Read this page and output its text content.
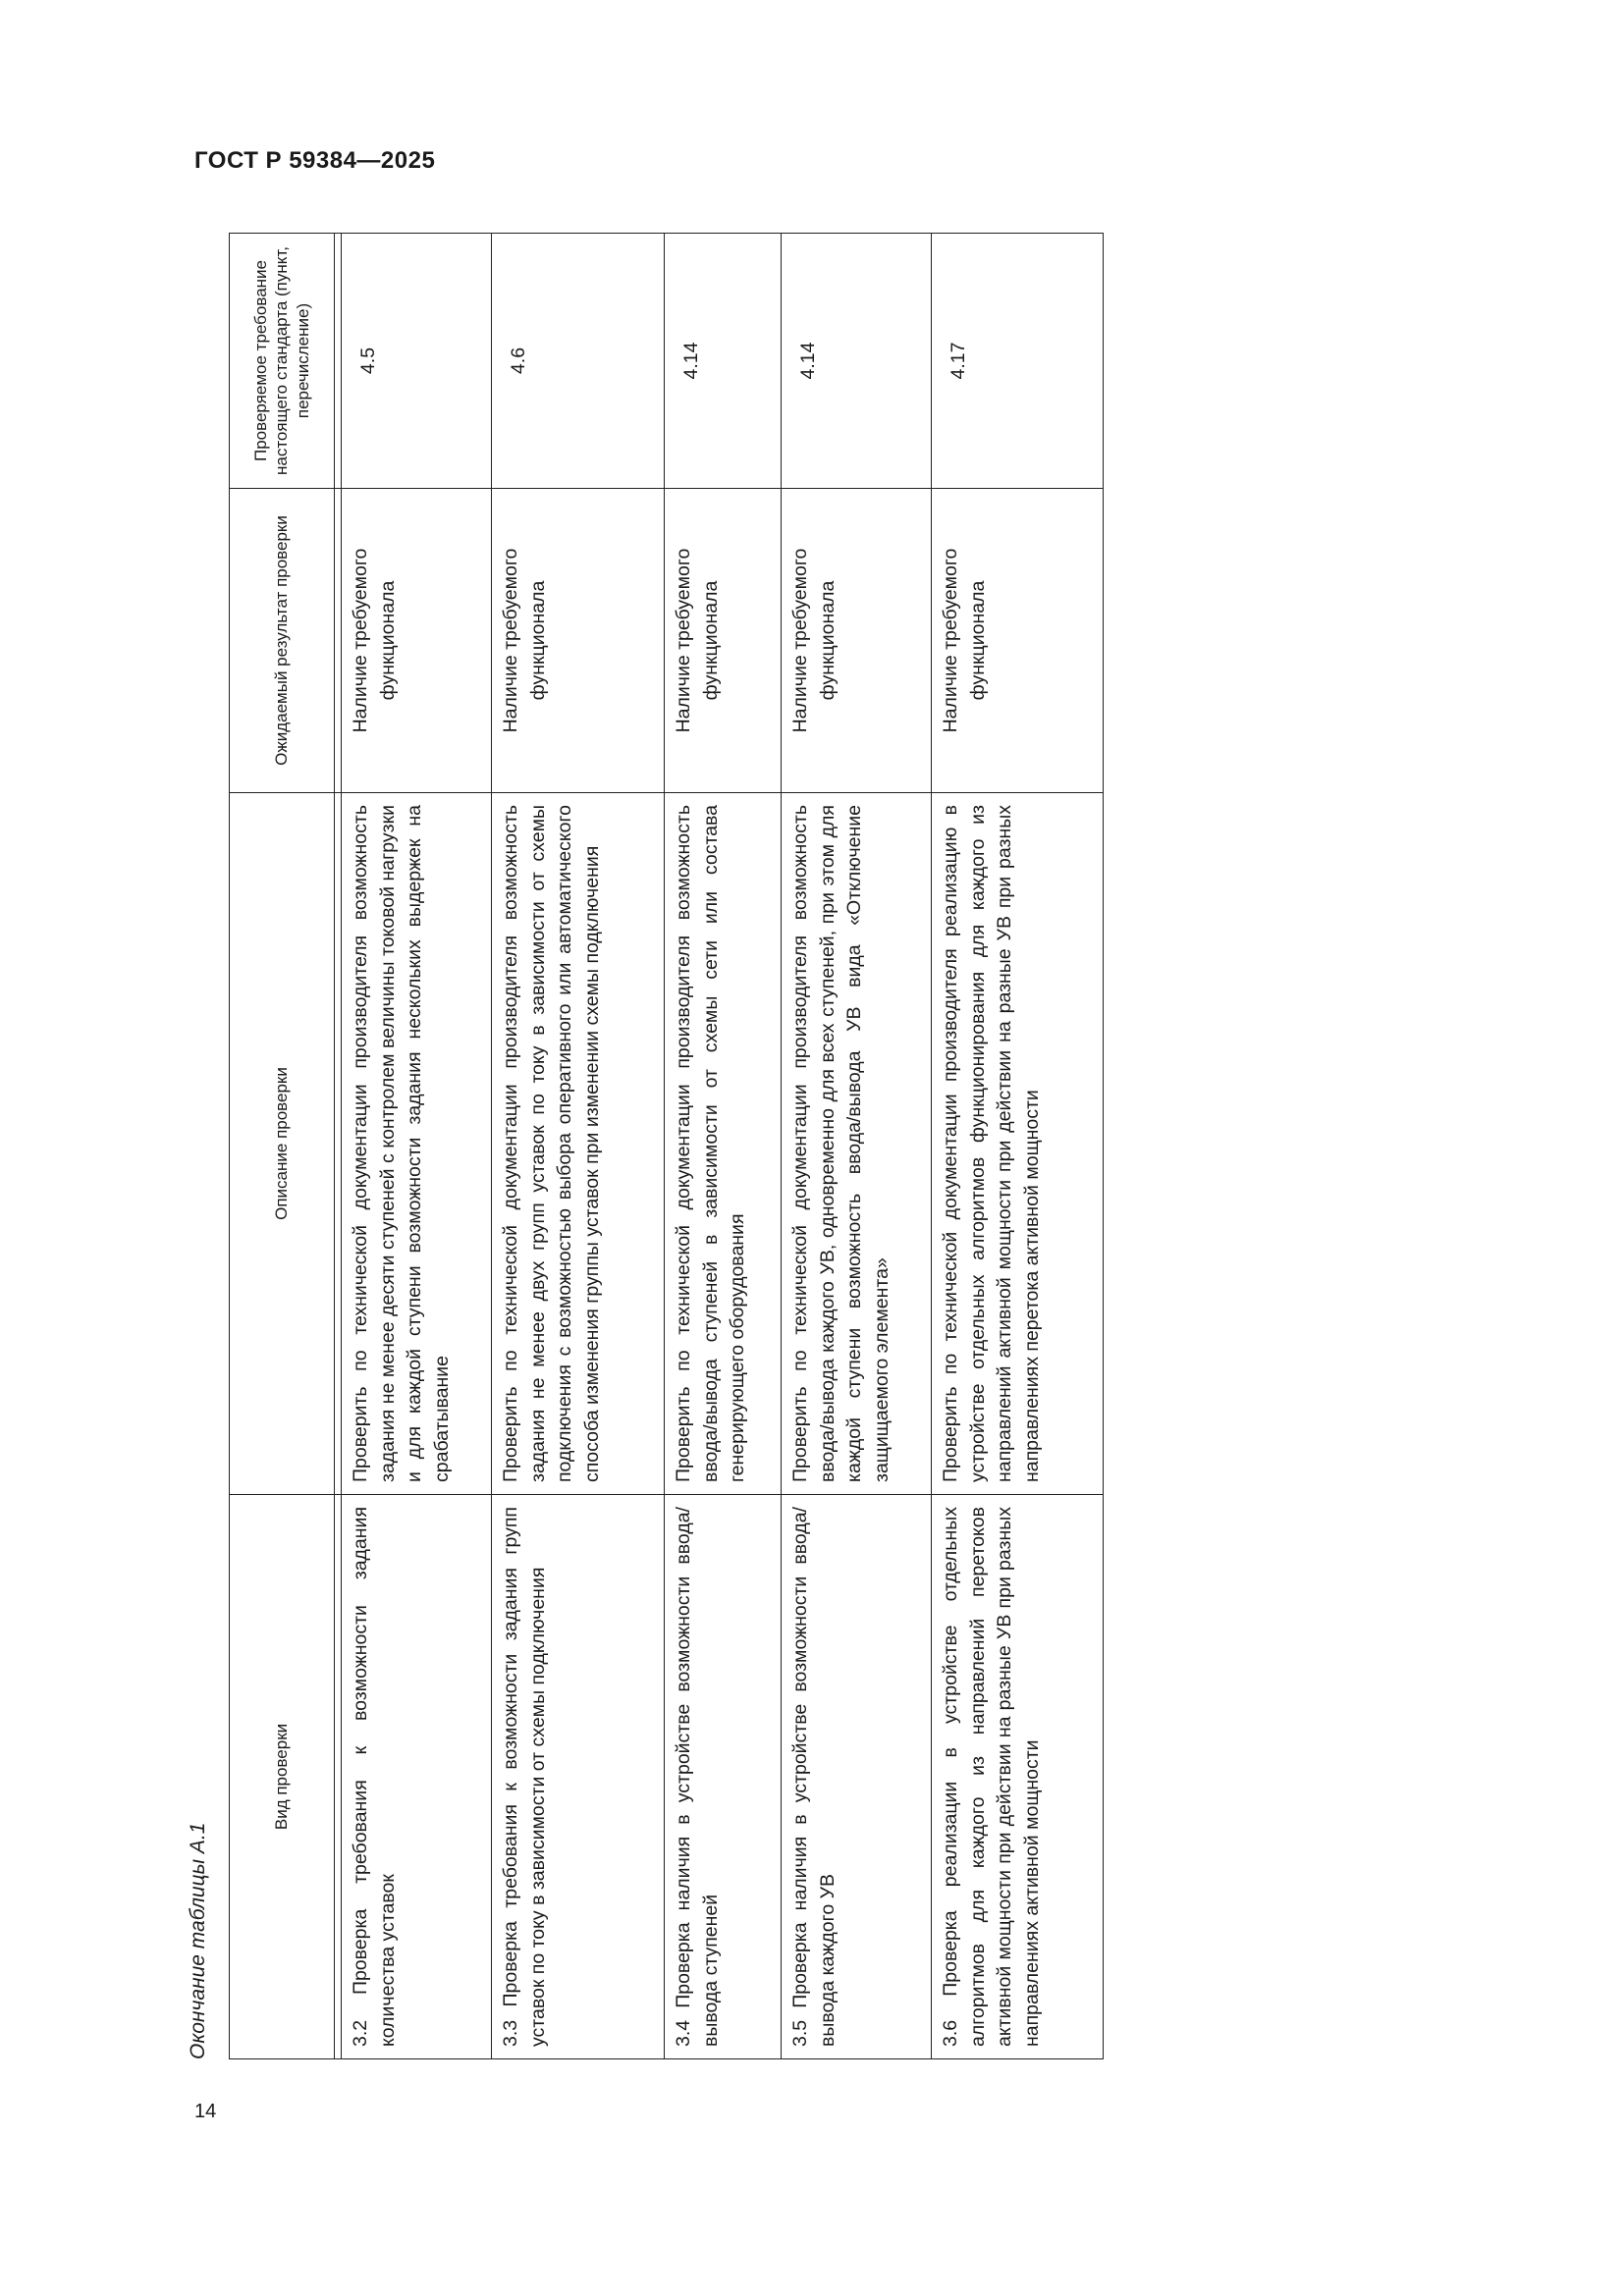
ГОСТ Р 59384—2025
Окончание таблицы А.1
Вид проверки	Описание проверки	Ожидаемый результат проверки	Проверяемое требование настоящего стандарта (пункт, перечисление)

3.2 Проверка требования к возможности задания количества уставок	Проверить по технической документации производителя возможность задания не менее десяти ступеней с контролем величины токовой нагрузки и для каждой ступени возможности задания нескольких выдержек на срабатывание	Наличие требуемого функционала	4.5
3.3 Проверка требования к возможности задания групп уставок по току в зависимости от схемы подключения	Проверить по технической документации производителя возможность задания не менее двух групп уставок по току в зависимости от схемы подключения с возможностью выбора оперативного или автоматического способа изменения группы уставок при изменении схемы подключения	Наличие требуемого функционала	4.6
3.4 Проверка наличия в устройстве возможности ввода/вывода ступеней	Проверить по технической документации производителя возможность ввода/вывода ступеней в зависимости от схемы сети или состава генерирующего оборудования	Наличие требуемого функционала	4.14
3.5 Проверка наличия в устройстве возможности ввода/вывода каждого УВ	Проверить по технической документации производителя возможность ввода/вывода каждого УВ, одновременно для всех ступеней, при этом для каждой ступени возможность ввода/вывода УВ вида «Отключение защищаемого элемента»	Наличие требуемого функционала	4.14
3.6 Проверка реализации в устройстве отдельных алгоритмов для каждого из направлений перетоков активной мощности при действии на разные УВ при разных направлениях активной мощности	Проверить по технической документации производителя реализацию в устройстве отдельных алгоритмов функционирования для каждого из направлений активной мощности при действии на разные УВ при разных направлениях перетока активной мощности	Наличие требуемого функционала	4.17
14
